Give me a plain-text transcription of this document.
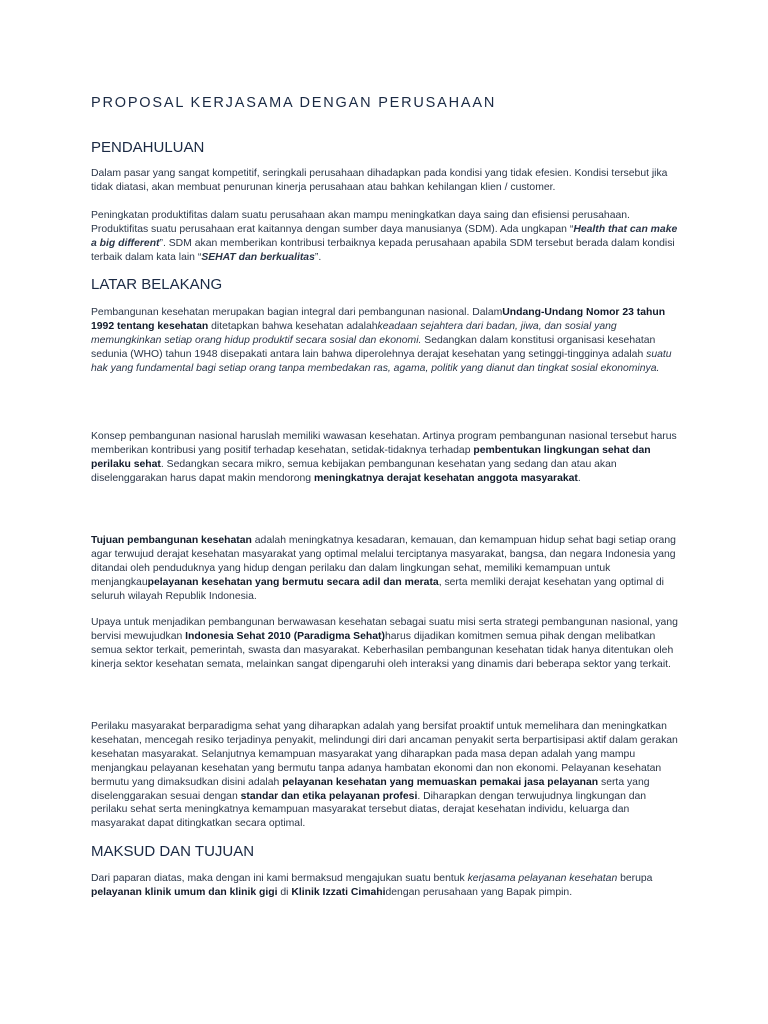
PROPOSAL KERJASAMA DENGAN PERUSAHAAN
PENDAHULUAN

Dalam pasar yang sangat kompetitif, seringkali perusahaan dihadapkan pada kondisi yang tidak efesien. Kondisi tersebut jika tidak diatasi, akan membuat penurunan kinerja perusahaan atau bahkan kehilangan klien / customer.

Peningkatan produktifitas dalam suatu perusahaan akan mampu meningkatkan daya saing dan efisiensi perusahaan. Produktifitas suatu perusahaan erat kaitannya dengan sumber daya manusianya (SDM). Ada ungkapan “Health that can make a big different”. SDM akan memberikan kontribusi terbaiknya kepada perusahaan apabila SDM tersebut berada dalam kondisi terbaik dalam kata lain “SEHAT dan berkualitas”.

LATAR BELAKANG

Pembangunan kesehatan merupakan bagian integral dari pembangunan nasional. DalamUndang-Undang Nomor 23 tahun 1992 tentang kesehatan ditetapkan bahwa kesehatan adalahkeadaan sejahtera dari badan, jiwa, dan sosial yang memungkinkan setiap orang hidup produktif secara sosial dan ekonomi. Sedangkan dalam konstitusi organisasi kesehatan sedunia (WHO) tahun 1948 disepakati antara lain bahwa diperolehnya derajat kesehatan yang setinggi-tingginya adalah suatu hak yang fundamental bagi setiap orang tanpa membedakan ras, agama, politik yang dianut dan tingkat sosial ekonominya.

Konsep pembangunan nasional haruslah memiliki wawasan kesehatan. Artinya program pembangunan nasional tersebut harus memberikan kontribusi yang positif terhadap kesehatan, setidak-tidaknya terhadap pembentukan lingkungan sehat dan perilaku sehat. Sedangkan secara mikro, semua kebijakan pembangunan kesehatan yang sedang dan atau akan diselenggarakan harus dapat makin mendorong meningkatnya derajat kesehatan anggota masyarakat.

Tujuan pembangunan kesehatan adalah meningkatnya kesadaran, kemauan, dan kemampuan hidup sehat bagi setiap orang agar terwujud derajat kesehatan masyarakat yang optimal melalui terciptanya masyarakat, bangsa, dan negara Indonesia yang ditandai oleh penduduknya yang hidup dengan perilaku dan dalam lingkungan sehat, memiliki kemampuan untuk menjangkaupelayanan kesehatan yang bermutu secara adil dan merata, serta memliki derajat kesehatan yang optimal di seluruh wilayah Republik Indonesia.

Upaya untuk menjadikan pembangunan berwawasan kesehatan sebagai suatu misi serta strategi pembangunan nasional, yang bervisi mewujudkan Indonesia Sehat 2010 (Paradigma Sehat)harus dijadikan komitmen semua pihak dengan melibatkan semua sektor terkait, pemerintah, swasta dan masyarakat. Keberhasilan pembangunan kesehatan tidak hanya ditentukan oleh kinerja sektor kesehatan semata, melainkan sangat dipengaruhi oleh interaksi yang dinamis dari beberapa sektor yang terkait.

Perilaku masyarakat berparadigma sehat yang diharapkan adalah yang bersifat proaktif untuk memelihara dan meningkatkan kesehatan, mencegah resiko terjadinya penyakit, melindungi diri dari ancaman penyakit serta berpartisipasi aktif dalam gerakan kesehatan masyarakat. Selanjutnya kemampuan masyarakat yang diharapkan pada masa depan adalah yang mampu menjangkau pelayanan kesehatan yang bermutu tanpa adanya hambatan ekonomi dan non ekonomi. Pelayanan kesehatan bermutu yang dimaksudkan disini adalah pelayanan kesehatan yang memuaskan pemakai jasa pelayanan serta yang diselenggarakan sesuai dengan standar dan etika pelayanan profesi. Diharapkan dengan terwujudnya lingkungan dan perilaku sehat serta meningkatnya kemampuan masyarakat tersebut diatas, derajat kesehatan individu, keluarga dan masyarakat dapat ditingkatkan secara optimal.

MAKSUD DAN TUJUAN

Dari paparan diatas, maka dengan ini kami bermaksud mengajukan suatu bentuk kerjasama pelayanan kesehatan berupa pelayanan klinik umum dan klinik gigi di Klinik Izzati Cimahidengan perusahaan yang Bapak pimpin.
